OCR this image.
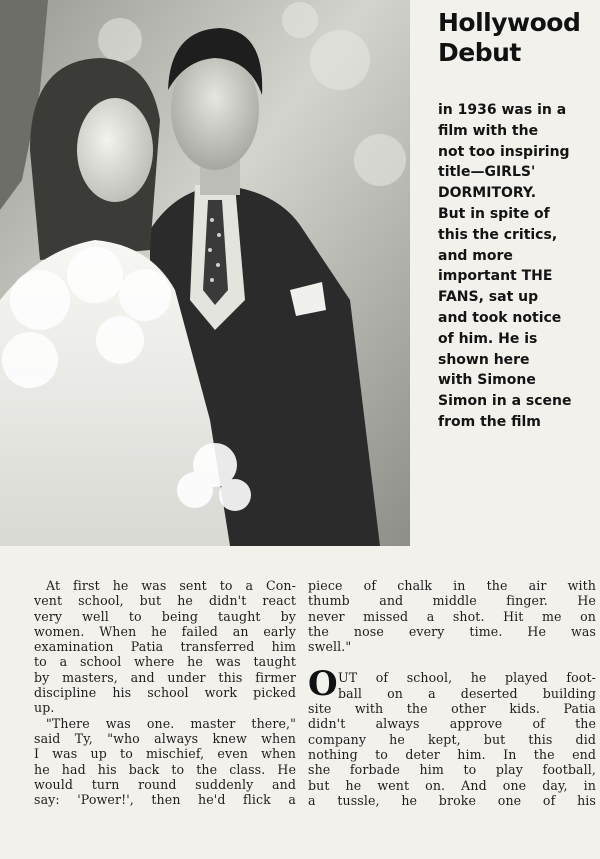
Hollywood
Debut
in 1936 was in a
film with the
not too inspiring
title—GIRLS'
DORMITORY.
But in spite of
this the critics,
and more
important THE
FANS, sat up
and took notice
of him. He is
shown here
with Simone
Simon in a scene
from the film
At first he was sent to a Con-
vent school, but he didn't react
very well to being taught by
women. When he failed an early
examination Patia transferred him
to a school where he was taught
by masters, and under this firmer
discipline his school work picked
up.
"There was one. master there,"
said Ty, "who always knew when
I was up to mischief, even when
he had his back to the class. He
would turn round suddenly and
say: 'Power!', then he'd flick a
piece of chalk in the air with
thumb and middle finger. He
never missed a shot. Hit me on
the nose every time. He was
swell."
O UT of school, he played foot-
ball on a deserted building
site with the other kids. Patia
didn't always approve of the
company he kept, but this did
nothing to deter him. In the end
she forbade him to play football,
but he went on. And one day, in
a tussle, he broke one of his
